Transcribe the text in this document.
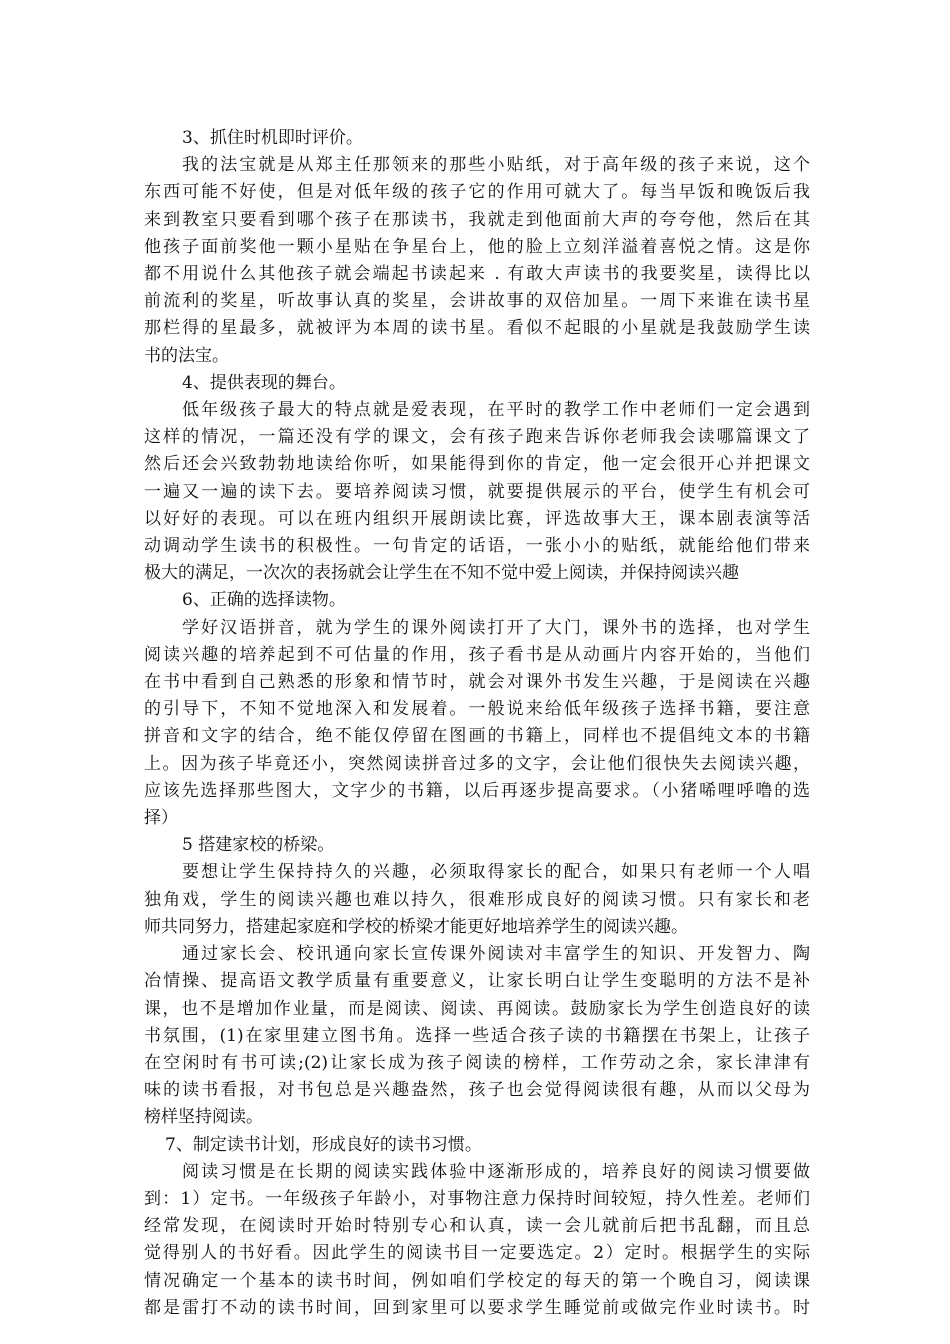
3、抓住时机即时评价。

我的法宝就是从郑主任那领来的那些小贴纸，对于高年级的孩子来说，这个

东西可能不好使，但是对低年级的孩子它的作用可就大了。每当早饭和晚饭后我

来到教室只要看到哪个孩子在那读书，我就走到他面前大声的夸夸他，然后在其

他孩子面前奖他一颗小星贴在争星台上，他的脸上立刻洋溢着喜悦之情。这是你

都不用说什么其他孩子就会端起书读起来 . 有敢大声读书的我要奖星，读得比以

前流利的奖星，听故事认真的奖星，会讲故事的双倍加星。一周下来谁在读书星

那栏得的星最多，就被评为本周的读书星。看似不起眼的小星就是我鼓励学生读

书的法宝。

4、提供表现的舞台。

低年级孩子最大的特点就是爱表现，在平时的教学工作中老师们一定会遇到

这样的情况，一篇还没有学的课文，会有孩子跑来告诉你老师我会读哪篇课文了

然后还会兴致勃勃地读给你听，如果能得到你的肯定，他一定会很开心并把课文

一遍又一遍的读下去。要培养阅读习惯，就要提供展示的平台，使学生有机会可

以好好的表现。可以在班内组织开展朗读比赛，评选故事大王，课本剧表演等活

动调动学生读书的积极性。一句肯定的话语，一张小小的贴纸，就能给他们带来

极大的满足，一次次的表扬就会让学生在不知不觉中爱上阅读，并保持阅读兴趣

6、正确的选择读物。

学好汉语拼音，就为学生的课外阅读打开了大门，课外书的选择，也对学生

阅读兴趣的培养起到不可估量的作用，孩子看书是从动画片内容开始的，当他们

在书中看到自己熟悉的形象和情节时，就会对课外书发生兴趣，于是阅读在兴趣

的引导下，不知不觉地深入和发展着。一般说来给低年级孩子选择书籍，要注意

拼音和文字的结合，绝不能仅停留在图画的书籍上，同样也不提倡纯文本的书籍

上。因为孩子毕竟还小，突然阅读拼音过多的文字，会让他们很快失去阅读兴趣，

应该先选择那些图大，文字少的书籍，以后再逐步提高要求。（小猪唏哩呼噜的选

择）

5 搭建家校的桥梁。

要想让学生保持持久的兴趣，必须取得家长的配合，如果只有老师一个人唱

独角戏，学生的阅读兴趣也难以持久，很难形成良好的阅读习惯。只有家长和老

师共同努力，搭建起家庭和学校的桥梁才能更好地培养学生的阅读兴趣。

通过家长会、校讯通向家长宣传课外阅读对丰富学生的知识、开发智力、陶

冶情操、提高语文教学质量有重要意义，让家长明白让学生变聪明的方法不是补

课，也不是增加作业量，而是阅读、阅读、再阅读。鼓励家长为学生创造良好的读

书氛围，(1)在家里建立图书角。选择一些适合孩子读的书籍摆在书架上，让孩子

在空闲时有书可读;(2)让家长成为孩子阅读的榜样，工作劳动之余，家长津津有

味的读书看报，对书包总是兴趣盎然，孩子也会觉得阅读很有趣，从而以父母为

榜样坚持阅读。

7、制定读书计划，形成良好的读书习惯。

阅读习惯是在长期的阅读实践体验中逐渐形成的，培养良好的阅读习惯要做

到：1）定书。一年级孩子年龄小，对事物注意力保持时间较短，持久性差。老师们

经常发现，在阅读时开始时特别专心和认真，读一会儿就前后把书乱翻，而且总

觉得别人的书好看。因此学生的阅读书目一定要选定。2）定时。根据学生的实际

情况确定一个基本的读书时间，例如咱们学校定的每天的第一个晚自习，阅读课

都是雷打不动的读书时间，回到家里可以要求学生睡觉前或做完作业时读书。时
